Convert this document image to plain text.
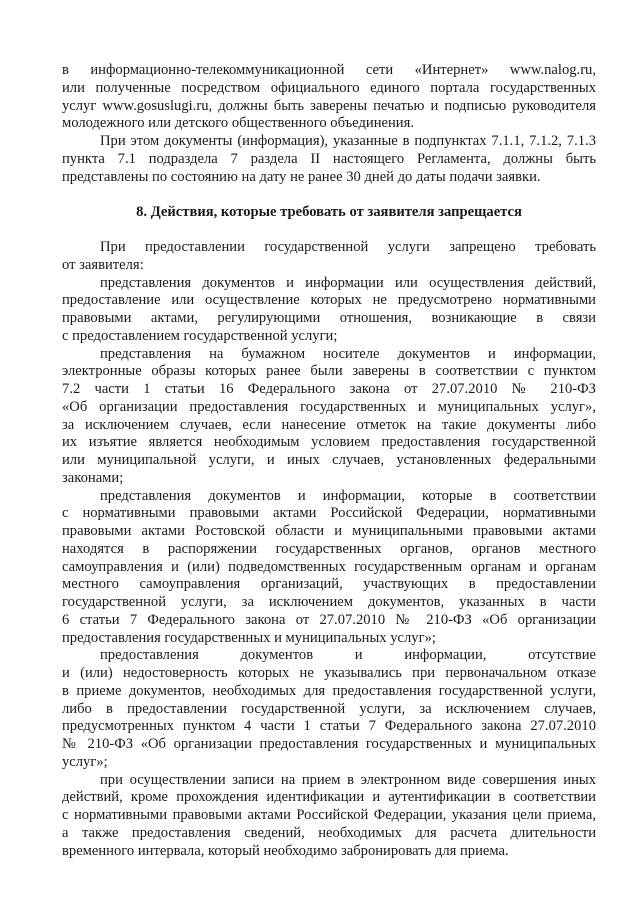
в информационно-телекоммуникационной сети «Интернет» www.nalog.ru,
или полученные посредством официального единого портала государственных
услуг www.gosuslugi.ru, должны быть заверены печатью и подписью руководителя
молодежного или детского общественного объединения.
При этом документы (информация), указанные в подпунктах 7.1.1, 7.1.2, 7.1.3
пункта 7.1 подраздела 7 раздела II настоящего Регламента, должны быть
представлены по состоянию на дату не ранее 30 дней до даты подачи заявки.
8. Действия, которые требовать от заявителя запрещается
При предоставлении государственной услуги запрещено требовать
от заявителя:
представления документов и информации или осуществления действий,
предоставление или осуществление которых не предусмотрено нормативными
правовыми актами, регулирующими отношения, возникающие в связи
с предоставлением государственной услуги;
представления на бумажном носителе документов и информации,
электронные образы которых ранее были заверены в соответствии с пунктом
7.2 части 1 статьи 16 Федерального закона от 27.07.2010 № 210-ФЗ
«Об организации предоставления государственных и муниципальных услуг»,
за исключением случаев, если нанесение отметок на такие документы либо
их изъятие является необходимым условием предоставления государственной
или муниципальной услуги, и иных случаев, установленных федеральными
законами;
представления документов и информации, которые в соответствии
с нормативными правовыми актами Российской Федерации, нормативными
правовыми актами Ростовской области и муниципальными правовыми актами
находятся в распоряжении государственных органов, органов местного
самоуправления и (или) подведомственных государственным органам и органам
местного самоуправления организаций, участвующих в предоставлении
государственной услуги, за исключением документов, указанных в части
6 статьи 7 Федерального закона от 27.07.2010 № 210-ФЗ «Об организации
предоставления государственных и муниципальных услуг»;
предоставления документов и информации, отсутствие
и (или) недостоверность которых не указывались при первоначальном отказе
в приеме документов, необходимых для предоставления государственной услуги,
либо в предоставлении государственной услуги, за исключением случаев,
предусмотренных пунктом 4 части 1 статьи 7 Федерального закона 27.07.2010
№ 210-ФЗ «Об организации предоставления государственных и муниципальных
услуг»;
при осуществлении записи на прием в электронном виде совершения иных
действий, кроме прохождения идентификации и аутентификации в соответствии
с нормативными правовыми актами Российской Федерации, указания цели приема,
а также предоставления сведений, необходимых для расчета длительности
временного интервала, который необходимо забронировать для приема.
